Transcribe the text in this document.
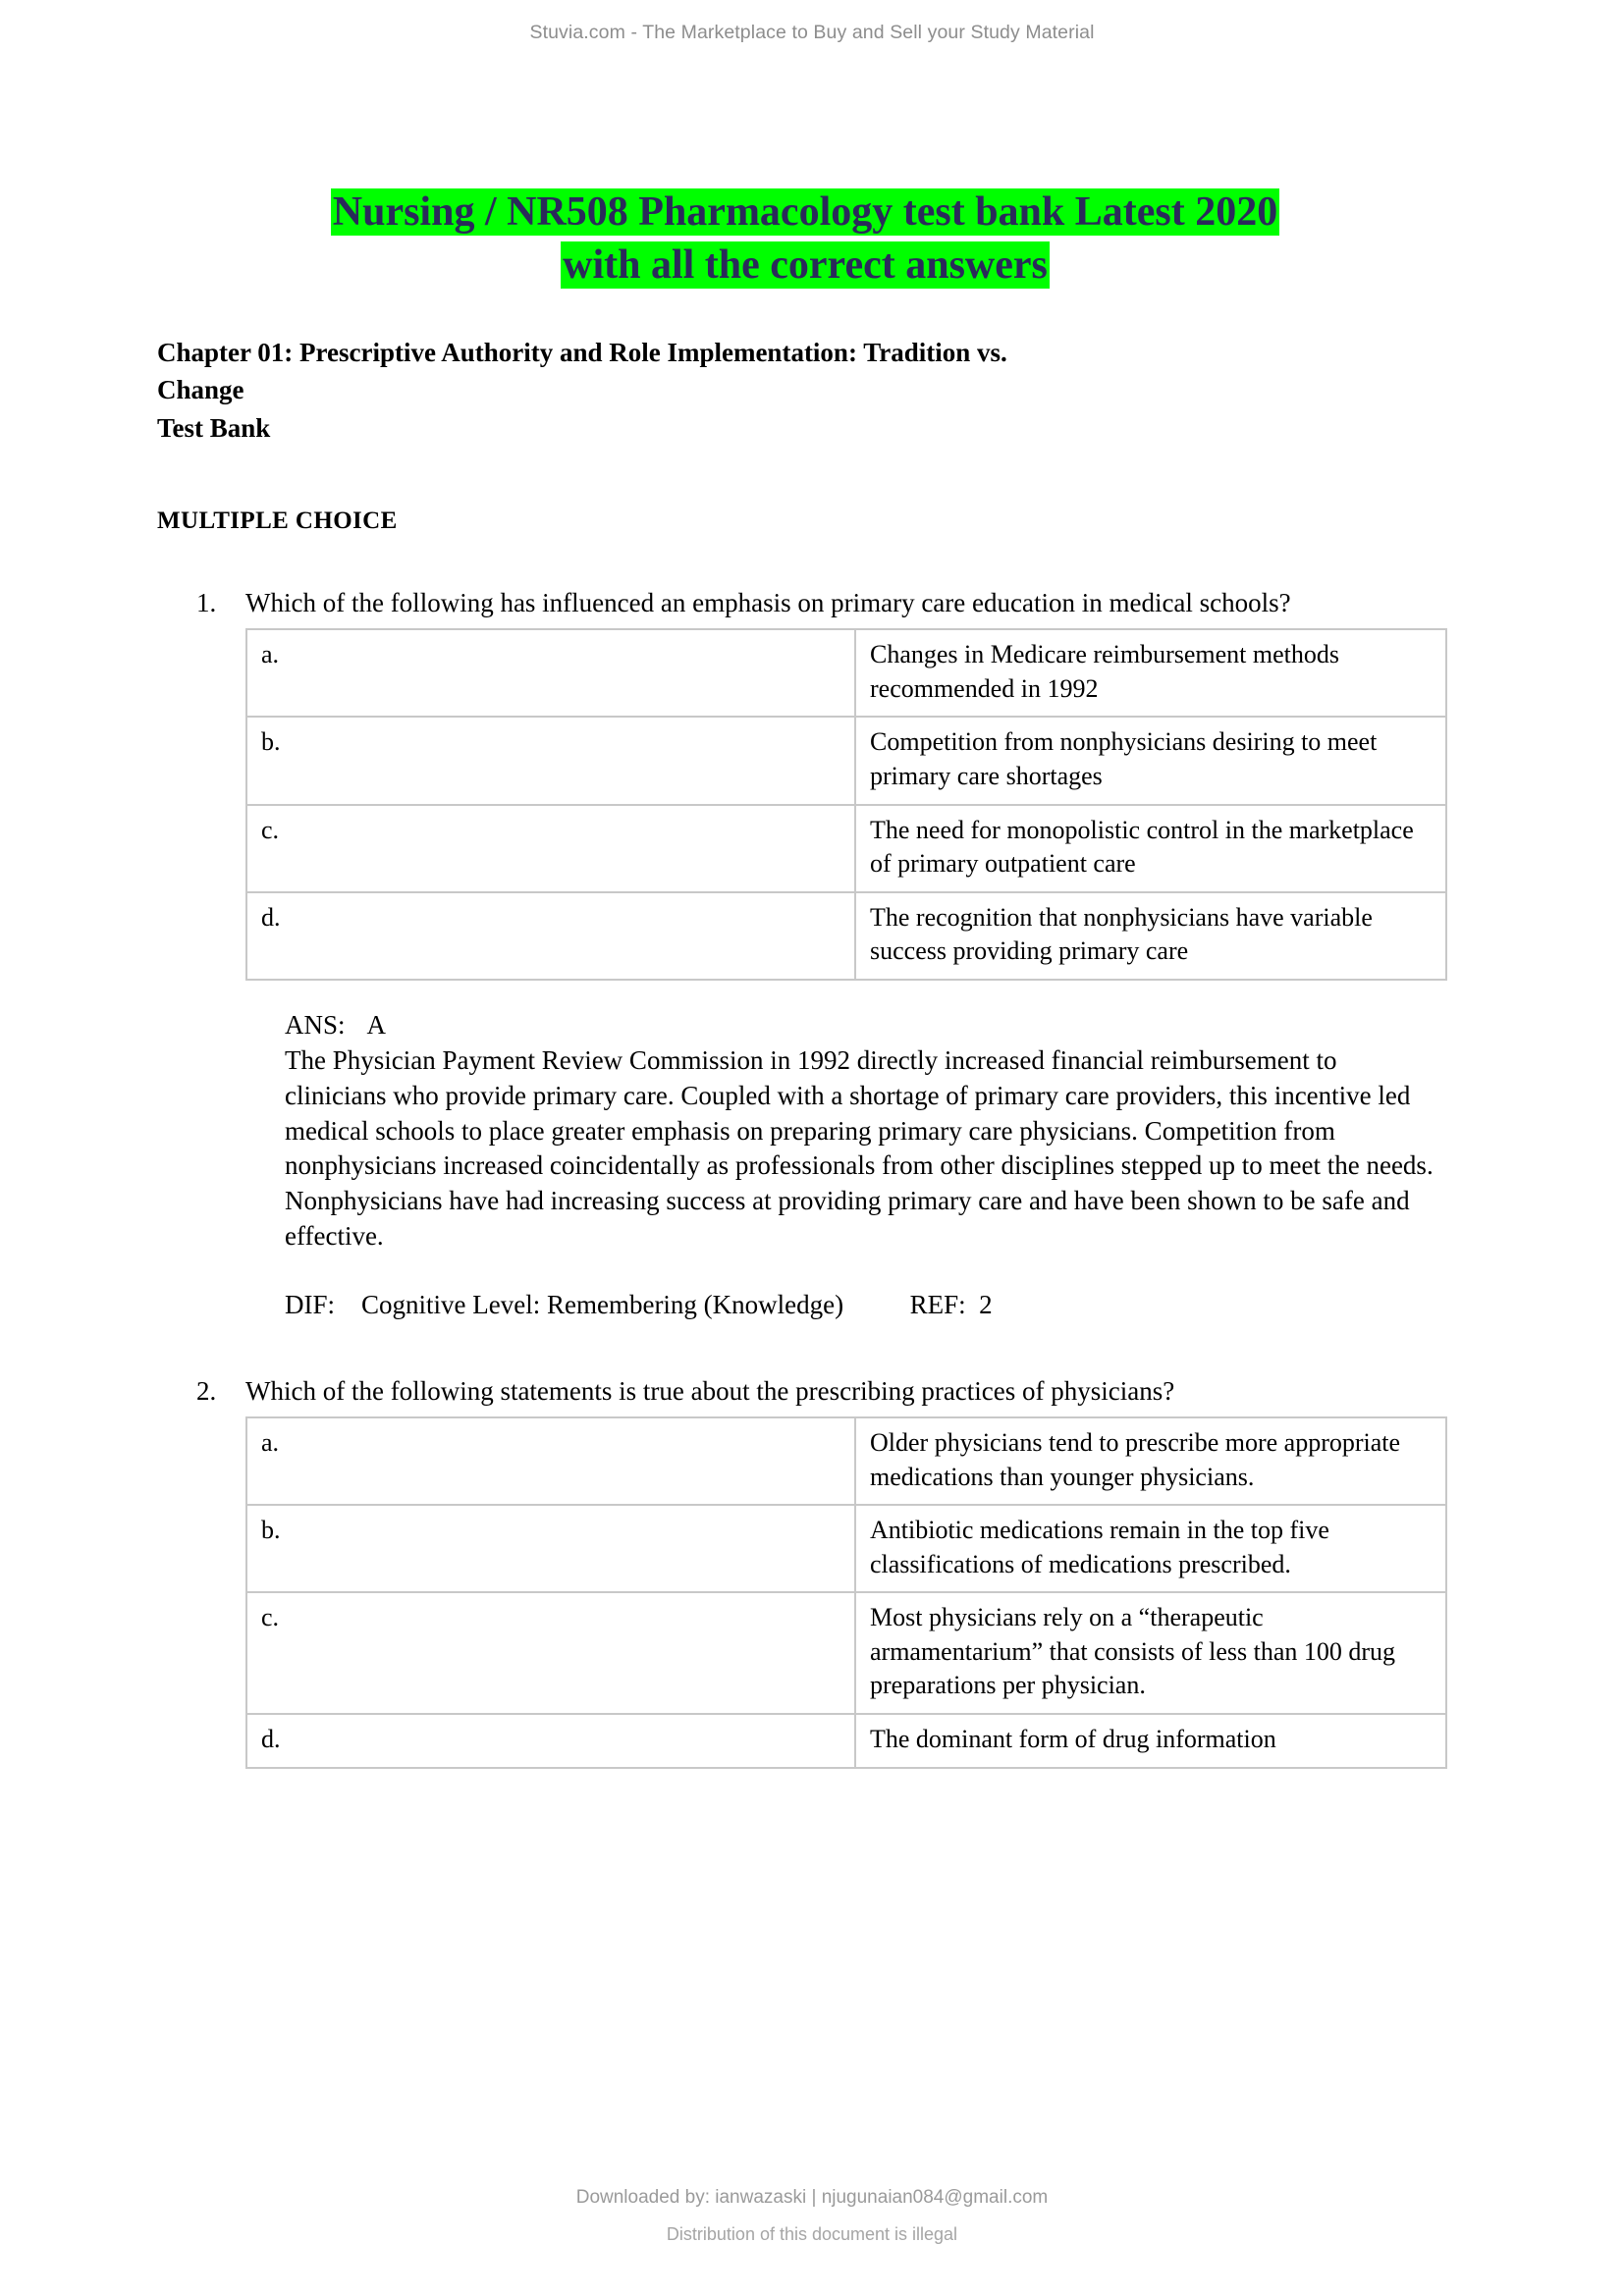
Stuvia.com - The Marketplace to Buy and Sell your Study Material
Nursing / NR508 Pharmacology test bank Latest 2020
with all the correct answers
Chapter 01: Prescriptive Authority and Role Implementation: Tradition vs.
Change
Test Bank
MULTIPLE CHOICE
1. Which of the following has influenced an emphasis on primary care education in medical schools?

a.	Changes in Medicare reimbursement methods recommended in 1992
b.	Competition from nonphysicians desiring to meet primary care shortages
c.	The need for monopolistic control in the marketplace of primary outpatient care
d.	The recognition that nonphysicians have variable success providing primary care

ANS: A

The Physician Payment Review Commission in 1992 directly increased financial reimbursement to clinicians who provide primary care. Coupled with a shortage of primary care providers, this incentive led medical schools to place greater emphasis on preparing primary care physicians. Competition from nonphysicians increased coincidentally as professionals from other disciplines stepped up to meet the needs. Nonphysicians have had increasing success at providing primary care and have been shown to be safe and effective.

DIF: Cognitive Level: Remembering (Knowledge)	REF: 2
2. Which of the following statements is true about the prescribing practices of physicians?

a.	Older physicians tend to prescribe more appropriate medications than younger physicians.
b.	Antibiotic medications remain in the top five classifications of medications prescribed.
c.	Most physicians rely on a “therapeutic armamentarium” that consists of less than 100 drug preparations per physician.
d.	The dominant form of drug information
Downloaded by: ianwazaski | njugunaian084@gmail.com
Distribution of this document is illegal
